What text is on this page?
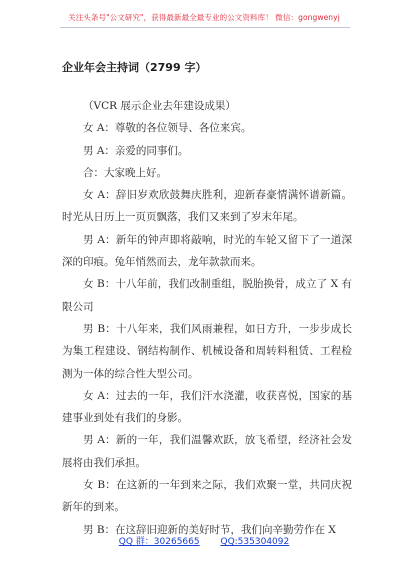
关注头条号"公文研究"，获得最新最全最专业的公文资料库！ 微信：gongwenyj
企业年会主持词（2799 字）

（VCR 展示企业去年建设成果）

女 A：尊敬的各位领导、各位来宾。

男 A：亲爱的同事们。

合：大家晚上好。

女 A：辞旧岁欢欣鼓舞庆胜利，迎新春豪情满怀谱新篇。时光从日历上一页页飘落，我们又来到了岁末年尾。

男 A：新年的钟声即将敲响，时光的车轮又留下了一道深深的印痕。兔年悄然而去，龙年款款而来。

女 B：十八年前，我们改制重组，脱胎换骨，成立了 X 有限公司

男 B：十八年来，我们风雨兼程，如日方升，一步步成长为集工程建设、钢结构制作、机械设备和周转料租赁、工程检测为一体的综合性大型公司。

女 A：过去的一年，我们汗水浇灌，收获喜悦，国家的基建事业到处有我们的身影。

男 A：新的一年，我们温馨欢跃，放飞希望，经济社会发展将由我们承担。

女 B：在这新的一年到来之际，我们欢聚一堂，共同庆祝新年的到来。

男 B：在这辞旧迎新的美好时节，我们向辛勤劳作在 X

QQ 群：30265665 QQ:535304092
